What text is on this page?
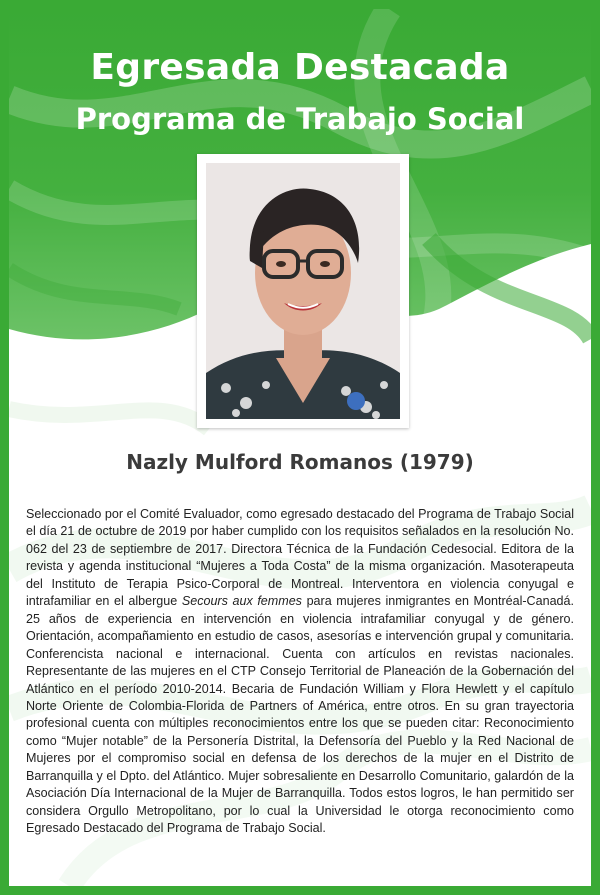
Egresada Destacada
Programa de Trabajo Social
Nazly Mulford Romanos (1979)

Seleccionado por el Comité Evaluador, como egresado destacado del Programa de Trabajo Social el día 21 de octubre de 2019 por haber cumplido con los requisitos señalados en la resolución No. 062 del 23 de septiembre de 2017. Directora Técnica de la Fundación Cedesocial. Editora de la revista y agenda institucional “Mujeres a Toda Costa” de la misma organización. Masoterapeuta del Instituto de Terapia Psico-Corporal de Montreal. Interventora en violencia conyugal e intrafamiliar en el albergue Secours aux femmes para mujeres inmigrantes en Montréal-Canadá. 25 años de experiencia en intervención en violencia intrafamiliar conyugal y de género. Orientación, acompañamiento en estudio de casos, asesorías e intervención grupal y comunitaria. Conferencista nacional e internacional. Cuenta con artículos en revistas nacionales. Representante de las mujeres en el CTP Consejo Territorial de Planeación de la Gobernación del Atlántico en el período 2010-2014. Becaria de Fundación William y Flora Hewlett y el capítulo Norte Oriente de Colombia-Florida de Partners of América, entre otros. En su gran trayectoria profesional cuenta con múltiples reconocimientos entre los que se pueden citar: Reconocimiento como “Mujer notable” de la Personería Distrital, la Defensoría del Pueblo y la Red Nacional de Mujeres por el compromiso social en defensa de los derechos de la mujer en el Distrito de Barranquilla y el Dpto. del Atlántico. Mujer sobresaliente en Desarrollo Comunitario, galardón de la Asociación Día Internacional de la Mujer de Barranquilla. Todos estos logros, le han permitido ser considera Orgullo Metropolitano, por lo cual la Universidad le otorga reconocimiento como Egresado Destacado del Programa de Trabajo Social.
